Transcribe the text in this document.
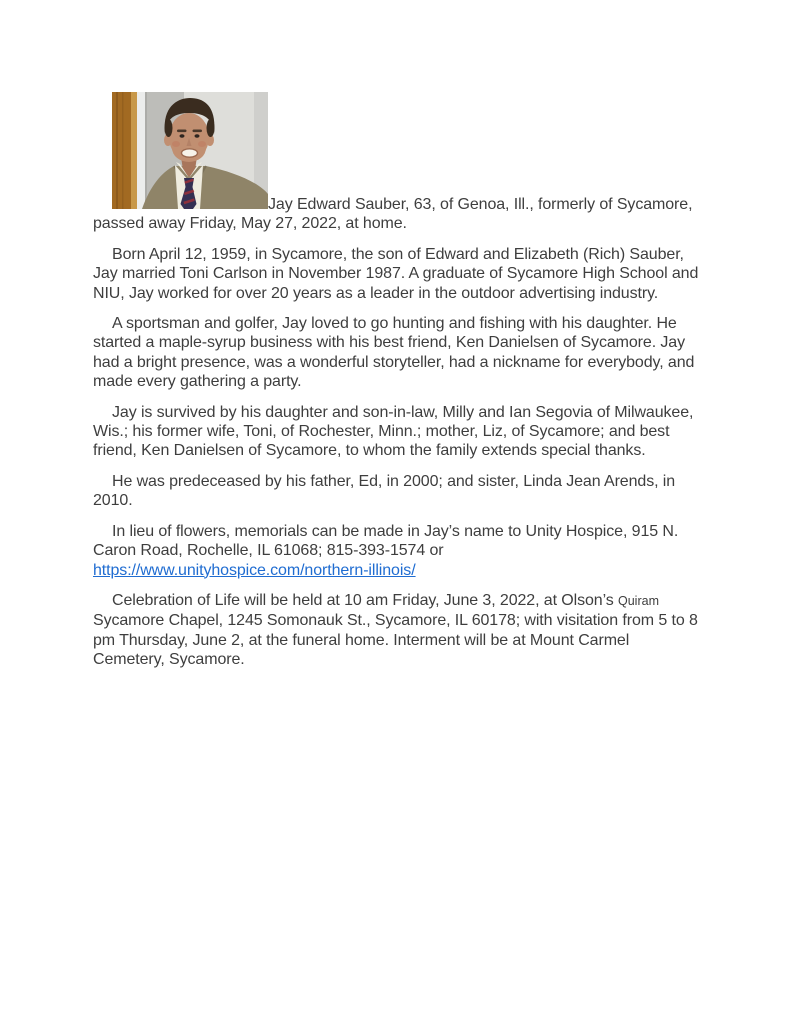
Jay Edward Sauber, 63, of Genoa, Ill., formerly of Sycamore, passed away Friday, May 27, 2022, at home.

Born April 12, 1959, in Sycamore, the son of Edward and Elizabeth (Rich) Sauber, Jay married Toni Carlson in November 1987. A graduate of Sycamore High School and NIU, Jay worked for over 20 years as a leader in the outdoor advertising industry.

A sportsman and golfer, Jay loved to go hunting and fishing with his daughter. He started a maple-syrup business with his best friend, Ken Danielsen of Sycamore. Jay had a bright presence, was a wonderful storyteller, had a nickname for everybody, and made every gathering a party.

Jay is survived by his daughter and son-in-law, Milly and Ian Segovia of Milwaukee, Wis.; his former wife, Toni, of Rochester, Minn.; mother, Liz, of Sycamore; and best friend, Ken Danielsen of Sycamore, to whom the family extends special thanks.

He was predeceased by his father, Ed, in 2000; and sister, Linda Jean Arends, in 2010.

In lieu of flowers, memorials can be made in Jay’s name to Unity Hospice, 915 N. Caron Road, Rochelle, IL 61068; 815-393-1574 or https://www.unityhospice.com/northern-illinois/

Celebration of Life will be held at 10 am Friday, June 3, 2022, at Olson’s Quiram Sycamore Chapel, 1245 Somonauk St., Sycamore, IL 60178; with visitation from 5 to 8 pm Thursday, June 2, at the funeral home. Interment will be at Mount Carmel Cemetery, Sycamore.
